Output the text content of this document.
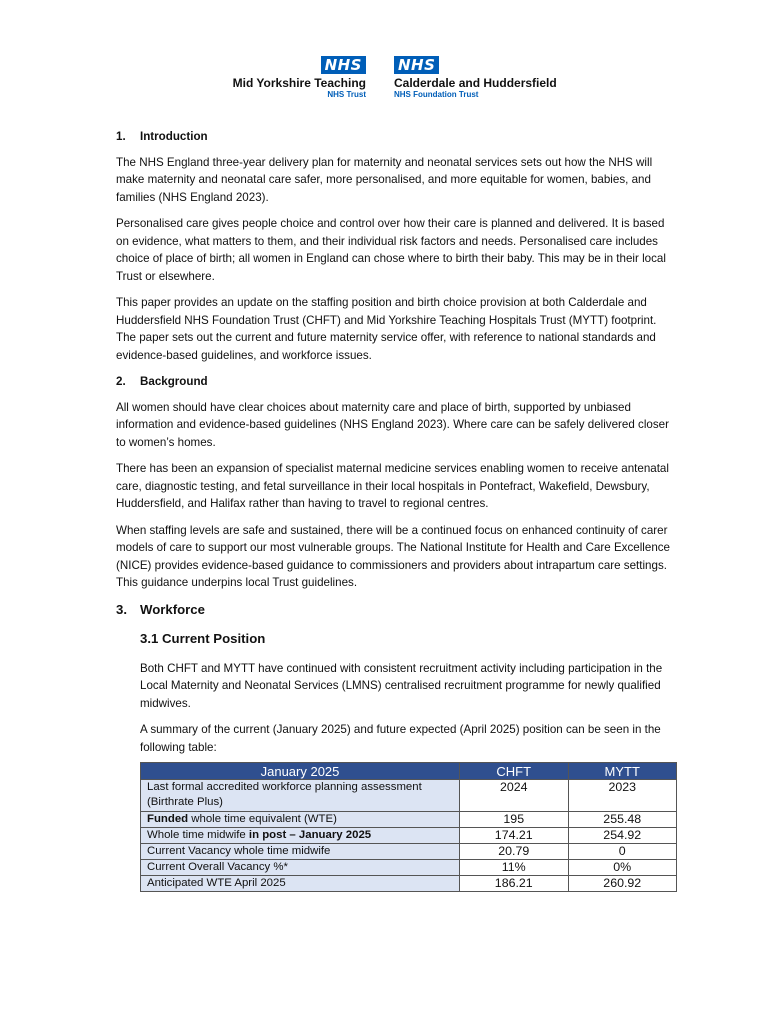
NHS
Mid Yorkshire Teaching
NHS Trust
NHS
Calderdale and Huddersfield
NHS Foundation Trust
1. Introduction

The NHS England three-year delivery plan for maternity and neonatal services sets out how the NHS will make maternity and neonatal care safer, more personalised, and more equitable for women, babies, and families (NHS England 2023).

Personalised care gives people choice and control over how their care is planned and delivered. It is based on evidence, what matters to them, and their individual risk factors and needs. Personalised care includes choice of place of birth; all women in England can chose where to birth their baby. This may be in their local Trust or elsewhere.

This paper provides an update on the staffing position and birth choice provision at both Calderdale and Huddersfield NHS Foundation Trust (CHFT) and Mid Yorkshire Teaching Hospitals Trust (MYTT) footprint. The paper sets out the current and future maternity service offer, with reference to national standards and evidence-based guidelines, and workforce issues.

2. Background

All women should have clear choices about maternity care and place of birth, supported by unbiased information and evidence-based guidelines (NHS England 2023). Where care can be safely delivered closer to women’s homes.

There has been an expansion of specialist maternal medicine services enabling women to receive antenatal care, diagnostic testing, and fetal surveillance in their local hospitals in Pontefract, Wakefield, Dewsbury, Huddersfield, and Halifax rather than having to travel to regional centres.

When staffing levels are safe and sustained, there will be a continued focus on enhanced continuity of carer models of care to support our most vulnerable groups. The National Institute for Health and Care Excellence (NICE) provides evidence-based guidance to commissioners and providers about intrapartum care settings. This guidance underpins local Trust guidelines.

3. Workforce
3.1 Current Position

Both CHFT and MYTT have continued with consistent recruitment activity including participation in the Local Maternity and Neonatal Services (LMNS) centralised recruitment programme for newly qualified midwives.

A summary of the current (January 2025) and future expected (April 2025) position can be seen in the following table:

January 2025	CHFT	MYTT
Last formal accredited workforce planning assessment (Birthrate Plus)	2024	2023
Funded whole time equivalent (WTE)	195	255.48
Whole time midwife in post – January 2025	174.21	254.92
Current Vacancy whole time midwife	20.79	0
Current Overall Vacancy %*	11%	0%
Anticipated WTE April 2025	186.21	260.92
